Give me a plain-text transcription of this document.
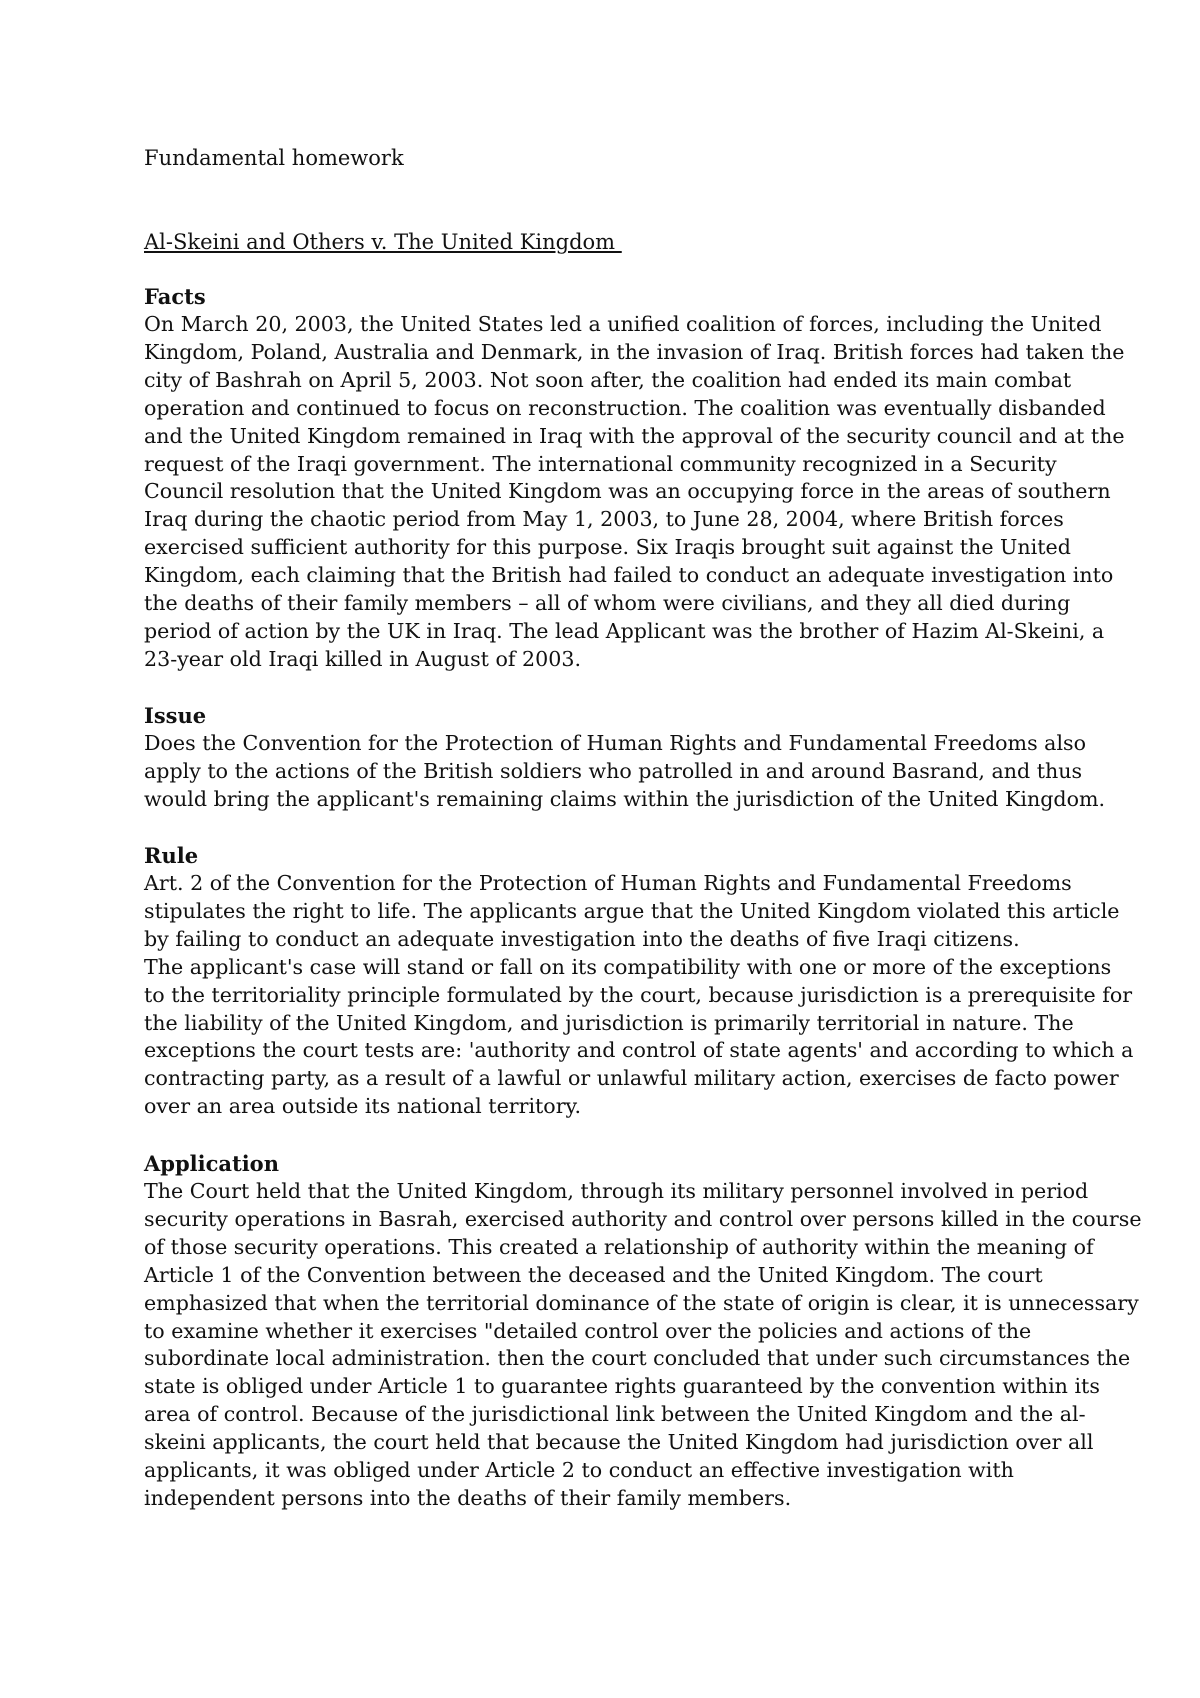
Fundamental homework
Al-Skeini and Others v. The United Kingdom
Facts

On March 20, 2003, the United States led a unified coalition of forces, including the United
Kingdom, Poland, Australia and Denmark, in the invasion of Iraq. British forces had taken the
city of Bashrah on April 5, 2003. Not soon after, the coalition had ended its main combat
operation and continued to focus on reconstruction. The coalition was eventually disbanded
and the United Kingdom remained in Iraq with the approval of the security council and at the
request of the Iraqi government. The international community recognized in a Security
Council resolution that the United Kingdom was an occupying force in the areas of southern
Iraq during the chaotic period from May 1, 2003, to June 28, 2004, where British forces
exercised sufficient authority for this purpose. Six Iraqis brought suit against the United
Kingdom, each claiming that the British had failed to conduct an adequate investigation into
the deaths of their family members – all of whom were civilians, and they all died during
period of action by the UK in Iraq. The lead Applicant was the brother of Hazim Al-Skeini, a
23-year old Iraqi killed in August of 2003.

Issue

Does the Convention for the Protection of Human Rights and Fundamental Freedoms also
apply to the actions of the British soldiers who patrolled in and around Basrand, and thus
would bring the applicant's remaining claims within the jurisdiction of the United Kingdom.

Rule

Art. 2 of the Convention for the Protection of Human Rights and Fundamental Freedoms
stipulates the right to life. The applicants argue that the United Kingdom violated this article
by failing to conduct an adequate investigation into the deaths of five Iraqi citizens.

The applicant's case will stand or fall on its compatibility with one or more of the exceptions
to the territoriality principle formulated by the court, because jurisdiction is a prerequisite for
the liability of the United Kingdom, and jurisdiction is primarily territorial in nature. The
exceptions the court tests are: 'authority and control of state agents' and according to which a
contracting party, as a result of a lawful or unlawful military action, exercises de facto power
over an area outside its national territory.

Application

The Court held that the United Kingdom, through its military personnel involved in period
security operations in Basrah, exercised authority and control over persons killed in the course
of those security operations. This created a relationship of authority within the meaning of
Article 1 of the Convention between the deceased and the United Kingdom. The court
emphasized that when the territorial dominance of the state of origin is clear, it is unnecessary
to examine whether it exercises "detailed control over the policies and actions of the
subordinate local administration. then the court concluded that under such circumstances the
state is obliged under Article 1 to guarantee rights guaranteed by the convention within its
area of control. Because of the jurisdictional link between the United Kingdom and the al-
skeini applicants, the court held that because the United Kingdom had jurisdiction over all
applicants, it was obliged under Article 2 to conduct an effective investigation with
independent persons into the deaths of their family members.
